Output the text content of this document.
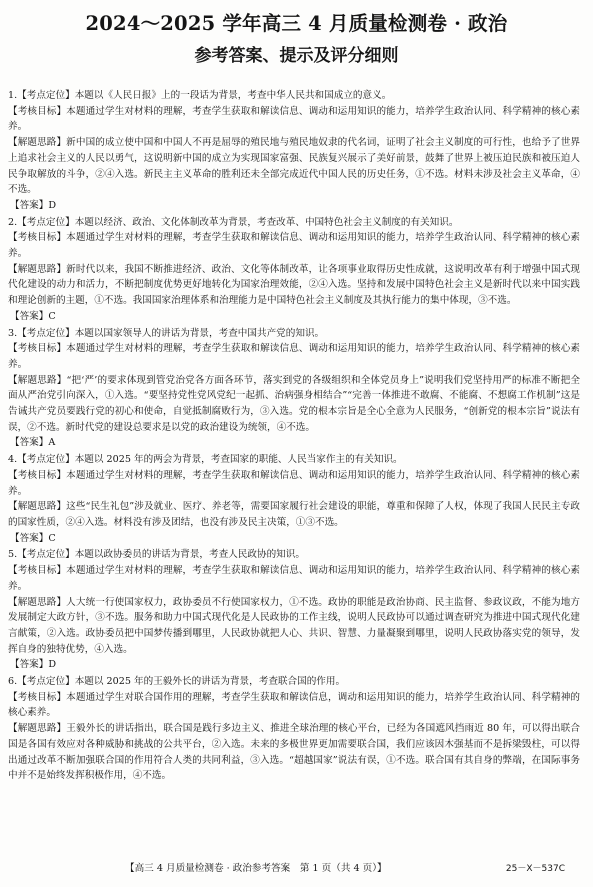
2024～2025 学年高三 4 月质量检测卷 · 政治
参考答案、提示及评分细则

1.【考点定位】本题以《人民日报》上的一段话为背景，考查中华人民共和国成立的意义。

【考核目标】本题通过学生对材料的理解，考查学生获取和解读信息、调动和运用知识的能力，培养学生政治认同、科学精神的核心素养。

【解题思路】新中国的成立使中国和中国人不再是屈辱的殖民地与殖民地奴隶的代名词，证明了社会主义制度的可行性，也给予了世界上追求社会主义的人民以勇气，这说明新中国的成立为实现国家富强、民族复兴展示了美好前景，鼓舞了世界上被压迫民族和被压迫人民争取解放的斗争，②④入选。新民主主义革命的胜利还未全部完成近代中国人民的历史任务，①不选。材料未涉及社会主义革命，④不选。

【答案】D

2.【考点定位】本题以经济、政治、文化体制改革为背景，考查改革、中国特色社会主义制度的有关知识。

【考核目标】本题通过学生对材料的理解，考查学生获取和解读信息、调动和运用知识的能力，培养学生政治认同、科学精神的核心素养。

【解题思路】新时代以来，我国不断推进经济、政治、文化等体制改革，让各项事业取得历史性成就，这说明改革有利于增强中国式现代化建设的动力和活力，不断把制度优势更好地转化为国家治理效能，②④入选。坚持和发展中国特色社会主义是新时代以来中国实践和理论创新的主题，①不选。我国国家治理体系和治理能力是中国特色社会主义制度及其执行能力的集中体现，③不选。

【答案】C

3.【考点定位】本题以国家领导人的讲话为背景，考查中国共产党的知识。

【考核目标】本题通过学生对材料的理解，考查学生获取和解读信息、调动和运用知识的能力，培养学生政治认同、科学精神的核心素养。

【解题思路】“把‘严’的要求体现到管党治党各方面各环节，落实到党的各级组织和全体党员身上”说明我们党坚持用严的标准不断把全面从严治党引向深入，①入选。“要坚持党性党风党纪一起抓、治病强身相结合”“完善一体推进不敢腐、不能腐、不想腐工作机制”这是告诫共产党员要践行党的初心和使命，自觉抵制腐败行为，③入选。党的根本宗旨是全心全意为人民服务，“创新党的根本宗旨”说法有误，②不选。新时代党的建设总要求是以党的政治建设为统领，④不选。

【答案】A

4.【考点定位】本题以 2025 年的两会为背景，考查国家的职能、人民当家作主的有关知识。

【考核目标】本题通过学生对材料的理解，考查学生获取和解读信息、调动和运用知识的能力，培养学生政治认同、科学精神的核心素养。

【解题思路】这些“民生礼包”涉及就业、医疗、养老等，需要国家履行社会建设的职能，尊重和保障了人权，体现了我国人民民主专政的国家性质，②④入选。材料没有涉及团结，也没有涉及民主决策，①③不选。

【答案】C

5.【考点定位】本题以政协委员的讲话为背景，考查人民政协的知识。

【考核目标】本题通过学生对材料的理解，考查学生获取和解读信息、调动和运用知识的能力，培养学生政治认同、科学精神的核心素养。

【解题思路】人大统一行使国家权力，政协委员不行使国家权力，①不选。政协的职能是政治协商、民主监督、参政议政，不能为地方发展制定大政方针，③不选。服务和助力中国式现代化是人民政协的工作主线，说明人民政协可以通过调查研究为推进中国式现代化建言献策，②入选。政协委员把中国梦传播到哪里，人民政协就把人心、共识、智慧、力量凝聚到哪里，说明人民政协落实党的领导，发挥自身的独特优势，④入选。

【答案】D

6.【考点定位】本题以 2025 年的王毅外长的讲话为背景，考查联合国的作用。

【考核目标】本题通过学生对联合国作用的理解，考查学生获取和解读信息，调动和运用知识的能力，培养学生政治认同、科学精神的核心素养。

【解题思路】王毅外长的讲话指出，联合国是践行多边主义、推进全球治理的核心平台，已经为各国遮风挡雨近 80 年，可以得出联合国是各国有效应对各种威胁和挑战的公共平台，②入选。未来的多极世界更加需要联合国，我们应该因木强基而不是拆梁毁柱，可以得出通过改革不断加强联合国的作用符合人类的共同利益，③入选。“超越国家”说法有误，①不选。联合国有其自身的弊端，在国际事务中并不是始终发挥积极作用，④不选。

【高三 4 月质量检测卷 · 政治参考答案　第 1 页（共 4 页）】	25－X－537C
